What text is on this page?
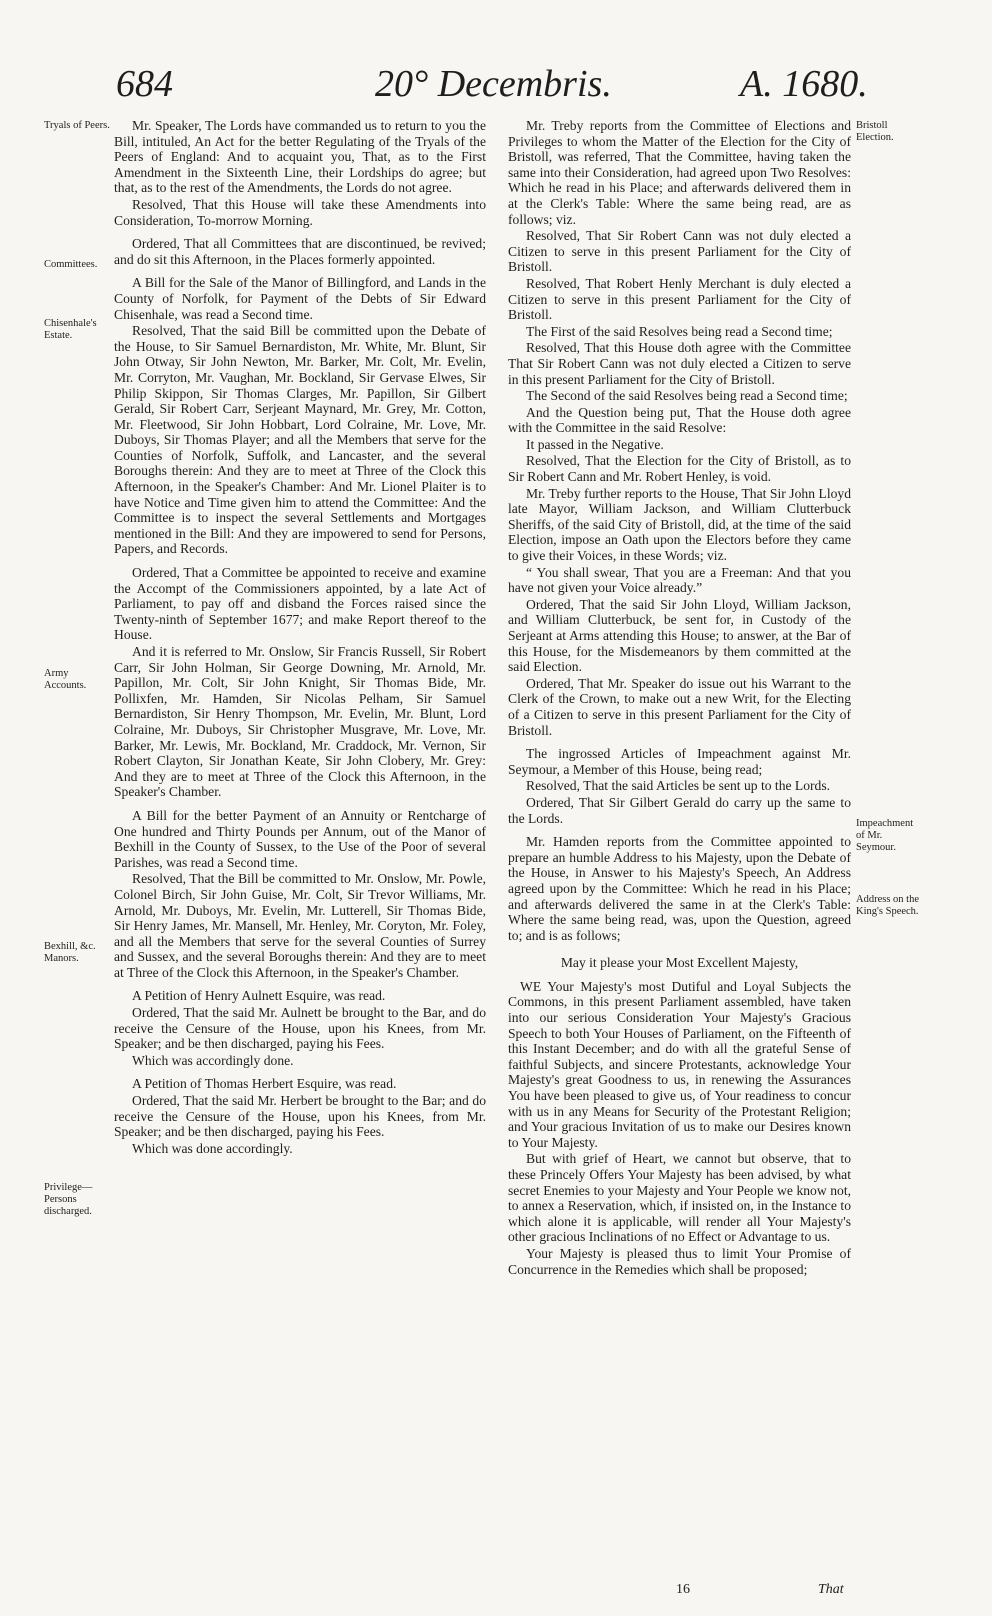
684	20° Decembris.	A. 1680.
Tryals of Peers.
Committees.
Chisenhale's Estate.
Army Accounts.
Bexhill, &c. Manors.
Privilege— Persons discharged.
Bristoll Election.
Impeachment of Mr. Seymour.
Address on the King's Speech.

Mr. Speaker, The Lords have commanded us to return to you the Bill, intituled, An Act for the better Regulating of the Tryals of the Peers of England: And to acquaint you, That, as to the First Amendment in the Sixteenth Line, their Lordships do agree; but that, as to the rest of the Amendments, the Lords do not agree.

Resolved, That this House will take these Amendments into Consideration, To-morrow Morning.

Ordered, That all Committees that are discontinued, be revived; and do sit this Afternoon, in the Places formerly appointed.

A Bill for the Sale of the Manor of Billingford, and Lands in the County of Norfolk, for Payment of the Debts of Sir Edward Chisenhale, was read a Second time.

Resolved, That the said Bill be committed upon the Debate of the House, to Sir Samuel Bernardiston, Mr. White, Mr. Blunt, Sir John Otway, Sir John Newton, Mr. Barker, Mr. Colt, Mr. Evelin, Mr. Corryton, Mr. Vaughan, Mr. Bockland, Sir Gervase Elwes, Sir Philip Skippon, Sir Thomas Clarges, Mr. Papillon, Sir Gilbert Gerald, Sir Robert Carr, Serjeant Maynard, Mr. Grey, Mr. Cotton, Mr. Fleetwood, Sir John Hobbart, Lord Colraine, Mr. Love, Mr. Duboys, Sir Thomas Player; and all the Members that serve for the Counties of Norfolk, Suffolk, and Lancaster, and the several Boroughs therein: And they are to meet at Three of the Clock this Afternoon, in the Speaker's Chamber: And Mr. Lionel Plaiter is to have Notice and Time given him to attend the Committee: And the Committee is to inspect the several Settlements and Mortgages mentioned in the Bill: And they are impowered to send for Persons, Papers, and Records.

Ordered, That a Committee be appointed to receive and examine the Accompt of the Commissioners appointed, by a late Act of Parliament, to pay off and disband the Forces raised since the Twenty-ninth of September 1677; and make Report thereof to the House.

And it is referred to Mr. Onslow, Sir Francis Russell, Sir Robert Carr, Sir John Holman, Sir George Downing, Mr. Arnold, Mr. Papillon, Mr. Colt, Sir John Knight, Sir Thomas Bide, Mr. Pollixfen, Mr. Hamden, Sir Nicolas Pelham, Sir Samuel Bernardiston, Sir Henry Thompson, Mr. Evelin, Mr. Blunt, Lord Colraine, Mr. Duboys, Sir Christopher Musgrave, Mr. Love, Mr. Barker, Mr. Lewis, Mr. Bockland, Mr. Craddock, Mr. Vernon, Sir Robert Clayton, Sir Jonathan Keate, Sir John Clobery, Mr. Grey: And they are to meet at Three of the Clock this Afternoon, in the Speaker's Chamber.

A Bill for the better Payment of an Annuity or Rentcharge of One hundred and Thirty Pounds per Annum, out of the Manor of Bexhill in the County of Sussex, to the Use of the Poor of several Parishes, was read a Second time.

Resolved, That the Bill be committed to Mr. Onslow, Mr. Powle, Colonel Birch, Sir John Guise, Mr. Colt, Sir Trevor Williams, Mr. Arnold, Mr. Duboys, Mr. Evelin, Mr. Lutterell, Sir Thomas Bide, Sir Henry James, Mr. Mansell, Mr. Henley, Mr. Coryton, Mr. Foley, and all the Members that serve for the several Counties of Surrey and Sussex, and the several Boroughs therein: And they are to meet at Three of the Clock this Afternoon, in the Speaker's Chamber.

A Petition of Henry Aulnett Esquire, was read.

Ordered, That the said Mr. Aulnett be brought to the Bar, and do receive the Censure of the House, upon his Knees, from Mr. Speaker; and be then discharged, paying his Fees.

Which was accordingly done.

A Petition of Thomas Herbert Esquire, was read.

Ordered, That the said Mr. Herbert be brought to the Bar; and do receive the Censure of the House, upon his Knees, from Mr. Speaker; and be then discharged, paying his Fees.

Which was done accordingly.

Mr. Treby reports from the Committee of Elections and Privileges to whom the Matter of the Election for the City of Bristoll, was referred, That the Committee, having taken the same into their Consideration, had agreed upon Two Resolves: Which he read in his Place; and afterwards delivered them in at the Clerk's Table: Where the same being read, are as follows; viz.

Resolved, That Sir Robert Cann was not duly elected a Citizen to serve in this present Parliament for the City of Bristoll.

Resolved, That Robert Henly Merchant is duly elected a Citizen to serve in this present Parliament for the City of Bristoll.

The First of the said Resolves being read a Second time;

Resolved, That this House doth agree with the Committee That Sir Robert Cann was not duly elected a Citizen to serve in this present Parliament for the City of Bristoll.

The Second of the said Resolves being read a Second time;

And the Question being put, That the House doth agree with the Committee in the said Resolve:

It passed in the Negative.

Resolved, That the Election for the City of Bristoll, as to Sir Robert Cann and Mr. Robert Henley, is void.

Mr. Treby further reports to the House, That Sir John Lloyd late Mayor, William Jackson, and William Clutterbuck Sheriffs, of the said City of Bristoll, did, at the time of the said Election, impose an Oath upon the Electors before they came to give their Voices, in these Words; viz.

“ You shall swear, That you are a Freeman: And that you have not given your Voice already.”

Ordered, That the said Sir John Lloyd, William Jackson, and William Clutterbuck, be sent for, in Custody of the Serjeant at Arms attending this House; to answer, at the Bar of this House, for the Misdemeanors by them committed at the said Election.

Ordered, That Mr. Speaker do issue out his Warrant to the Clerk of the Crown, to make out a new Writ, for the Electing of a Citizen to serve in this present Parliament for the City of Bristoll.

The ingrossed Articles of Impeachment against Mr. Seymour, a Member of this House, being read;

Resolved, That the said Articles be sent up to the Lords.

Ordered, That Sir Gilbert Gerald do carry up the same to the Lords.

Mr. Hamden reports from the Committee appointed to prepare an humble Address to his Majesty, upon the Debate of the House, in Answer to his Majesty's Speech, An Address agreed upon by the Committee: Which he read in his Place; and afterwards delivered the same in at the Clerk's Table: Where the same being read, was, upon the Question, agreed to; and is as follows;

May it please your Most Excellent Majesty,

WE Your Majesty's most Dutiful and Loyal Subjects the Commons, in this present Parliament assembled, have taken into our serious Consideration Your Majesty's Gracious Speech to both Your Houses of Parliament, on the Fifteenth of this Instant December; and do with all the grateful Sense of faithful Subjects, and sincere Protestants, acknowledge Your Majesty's great Goodness to us, in renewing the Assurances You have been pleased to give us, of Your readiness to concur with us in any Means for Security of the Protestant Religion; and Your gracious Invitation of us to make our Desires known to Your Majesty.

But with grief of Heart, we cannot but observe, that to these Princely Offers Your Majesty has been advised, by what secret Enemies to your Majesty and Your People we know not, to annex a Reservation, which, if insisted on, in the Instance to which alone it is applicable, will render all Your Majesty's other gracious Inclinations of no Effect or Advantage to us.

Your Majesty is pleased thus to limit Your Promise of Concurrence in the Remedies which shall be proposed;

16	That
